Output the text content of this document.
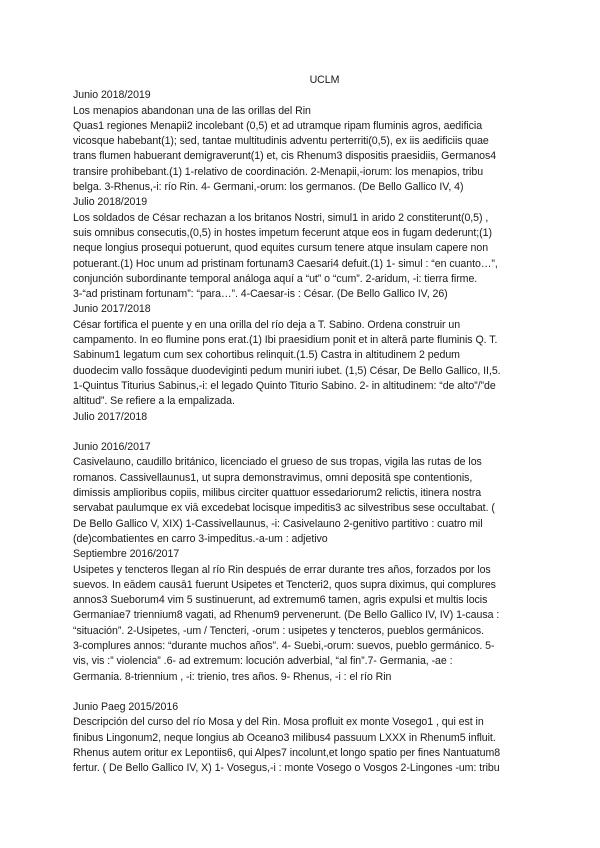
UCLM

Junio 2018/2019

Los menapios abandonan una de las orillas del Rin

Quas1 regiones Menapii2 incolebant (0,5) et ad utramque ripam fluminis agros, aedificia
vicosque habebant(1); sed, tantae multitudinis adventu perterriti(0,5), ex iis aedificiis quae
trans flumen habuerant demigraverunt(1) et, cis Rhenum3 dispositis praesidiis, Germanos4
transire prohibebant.(1) 1-relativo de coordinación. 2-Menapii,-iorum: los menapios, tribu
belga. 3-Rhenus,-i: río Rin. 4- Germani,-orum: los germanos. (De Bello Gallico IV, 4)

Julio 2018/2019

Los soldados de César rechazan a los britanos Nostri, simul1 in arido 2 constiterunt(0,5) ,

suis omnibus consecutis,(0,5) in hostes impetum fecerunt atque eos in fugam dederunt;(1)
neque longius prosequi potuerunt, quod equites cursum tenere atque insulam capere non
potuerant.(1) Hoc unum ad pristinam fortunam3 Caesari4 defuit.(1) 1- simul : “en cuanto…”,
conjunción subordinante temporal análoga aquí a “ut” o “cum”. 2-aridum, -i: tierra firme.
3-“ad pristinam fortunam”: “para…”. 4-Caesar-is : César. (De Bello Gallico IV, 26)

Junio 2017/2018

César fortifica el puente y en una orilla del río deja a T. Sabino. Ordena construir un

campamento. In eo flumine pons erat.(1) Ibi praesidium ponit et in alterā parte fluminis Q. T.
Sabinum1 legatum cum sex cohortibus relinquit.(1.5) Castra in altitudinem 2 pedum
duodecim vallo fossāque duodeviginti pedum muniri iubet. (1,5) César, De Bello Gallico, II,5.
1-Quintus Titurius Sabinus,-i: el legado Quinto Titurio Sabino. 2- in altitudinem: “de alto”/”de
altitud”. Se refiere a la empalizada.

Julio 2017/2018

Junio 2016/2017

Casivelauno, caudillo británico, licenciado el grueso de sus tropas, vigila las rutas de los

romanos. Cassivellaunus1, ut supra demonstravimus, omni depositā spe contentionis,
dimissis amplioribus copiis, milibus circiter quattuor essedariorum2 relictis, itinera nostra
servabat paulumque ex viā excedebat locisque impeditis3 ac silvestribus sese occultabat. (
De Bello Gallico V, XIX) 1-Cassivellaunus, -i: Casivelauno 2-genitivo partitivo : cuatro mil
(de)combatientes en carro 3-impeditus.-a-um : adjetivo

Septiembre 2016/2017

Usipetes y tencteros llegan al río Rin después de errar durante tres años, forzados por los

suevos. In eādem causā1 fuerunt Usipetes et Tencteri2, quos supra diximus, qui complures
annos3 Sueborum4 vim 5 sustinuerunt, ad extremum6 tamen, agris expulsi et multis locis
Germaniae7 triennium8 vagati, ad Rhenum9 pervenerunt. (De Bello Gallico IV, IV) 1-causa :
“situación”. 2-Usipetes, -um / Tencteri, -orum : usipetes y tencteros, pueblos germánicos.
3-complures annos: “durante muchos años”. 4- Suebi,-orum: suevos, pueblo germánico. 5-
vis, vis :” violencia” .6- ad extremum: locución adverbial, “al fin”.7- Germania, -ae :
Germania. 8-triennium , -i: trienio, tres años. 9- Rhenus, -i : el río Rin

Junio Paeg 2015/2016

Descripción del curso del río Mosa y del Rin. Mosa profluit ex monte Vosego1 , qui est in

finibus Lingonum2, neque longius ab Oceano3 milibus4 passuum LXXX in Rhenum5 influit.
Rhenus autem oritur ex Lepontiis6, qui Alpes7 incolunt,et longo spatio per fines Nantuatum8
fertur. ( De Bello Gallico IV, X) 1- Vosegus,-i : monte Vosego o Vosgos 2-Lingones -um: tribu
